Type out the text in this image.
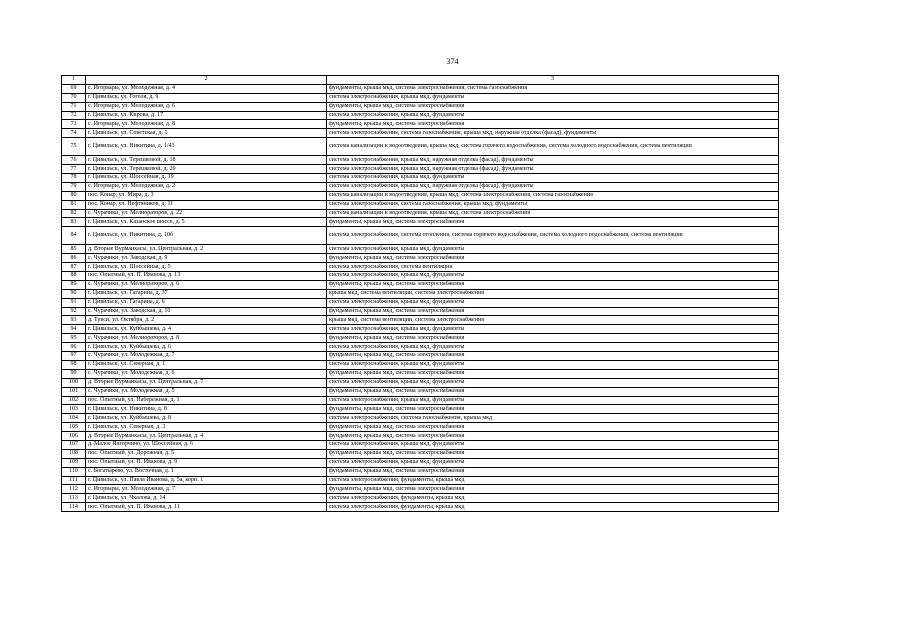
374
1	2	3
69	с. Игорвары, ул. Молодежная, д. 4	фундаменты, крыша мкд, система электроснабжения, система газоснабжения
70	г. Цивильск, ул. Гоголя, д. 9	система электроснабжения, крыша мкд, фундаменты
71	с. Игорвары, ул. Молодежная, д. 6	фундаменты, крыша мкд, система электроснабжения
72	г. Цивильск, ул. Кирова, д. 17	система электроснабжения, крыша мкд, фундаменты
73	с. Игорвары, ул. Молодежная, д. 8	фундаменты, крыша мкд, система электроснабжения
74	г. Цивильск, ул. Советская, д. 1	система электроснабжения, система газоснабжения, крыша мкд, наружная отделка (фасад), фундаменты
75	г. Цивильск, ул. Никитина, д. 1/43	система канализации и водоотведения, крыша мкд, система горячего водоснабжения, система холодного водоснабжения, система вентиляции
76	г. Цивильск, ул. Терешковой, д. 18	система электроснабжения, крыша мкд, наружная отделка (фасад), фундаменты
77	г. Цивильск, ул. Терешковой, д. 20	система электроснабжения, крыша мкд, наружная отделка (фасад), фундаменты
78	г. Цивильск, ул. Шоссейная, д. 19	система электроснабжения, крыша мкд, фундаменты
79	с. Игорвары, ул. Молодежная, д. 2	система электроснабжения, крыша мкд, наружная отделка (фасад), фундаменты
80	пос. Конар, ул. Мира, д. 3	система канализации и водоотведения, крыша мкд, система электроснабжения, система газоснабжения
81	пос. Конар, ул. Нефтяников, д. 11	система электроснабжения, система газоснабжения, крыша мкд, фундаменты
82	с. Чурачики, ул. Мелиораторов, д. 22	система канализации и водоотведения, крыша мкд, система электроснабжения
83	г. Цивильск, ул. Казанское шоссе, д. 5	фундаменты, крыша мкд, система электроснабжения
84	г. Цивильск, ул. Никитина, д. 10б	система электроснабжения, система отопления, система горячего водоснабжения, система холодного водоснабжения, система вентиляции
85	д. Вторые Вурманкасы, ул. Центральная, д. 2	система электроснабжения, крыша мкд, фундаменты
86	с. Чурачики, ул. Заводская, д. 9	фундаменты, крыша мкд, система электроснабжения
87	г. Цивильск, ул. Шоссейная, д. 5	система электроснабжения, система вентиляции
88	пос. Опытный, ул. П. Иванова, д. 13	система электроснабжения, крыша мкд, фундаменты
89	с. Чурачики, ул. Мелиораторов, д. 6	фундаменты, крыша мкд, система электроснабжения
90	г. Цивильск, ул. Гагарина, д. 37	крыша мкд, система вентиляции, система электроснабжения
91	г. Цивильск, ул. Гагарина, д. 6	система электроснабжения, крыша мкд, фундаменты
92	с. Чурачики, ул. Заводская, д. 10	фундаменты, крыша мкд, система электроснабжения
93	д. Тувси, ул. Октября, д. 2	крыша мкд, система вентиляции, система электроснабжения
94	г. Цивильск, ул. Куйбышева, д. 4	система электроснабжения, крыша мкд, фундаменты
95	с. Чурачики, ул. Мелиораторов, д. 8	фундаменты, крыша мкд, система электроснабжения
96	г. Цивильск, ул. Куйбышева, д. 6	система электроснабжения, крыша мкд, фундаменты
97	с. Чурачики, ул. Молодежная, д. 7	фундаменты, крыша мкд, система электроснабжения
98	г. Цивильск, ул. Северная, д. 1	система электроснабжения, крыша мкд, фундаменты
99	с. Чурачики, ул. Молодежная, д. 6	фундаменты, крыша мкд, система электроснабжения
100	д. Вторые Вурманкасы, ул. Центральная, д. 7	система электроснабжения, крыша мкд, фундаменты
101	с. Чурачики, ул. Молодежная, д. 5	фундаменты, крыша мкд, система электроснабжения
102	пос. Опытный, ул. Набережная, д. 1	система электроснабжения, крыша мкд, фундаменты
103	г. Цивильск, ул. Никитина, д. 8	фундаменты, крыша мкд, система электроснабжения
104	г. Цивильск, ул. Куйбышева, д. 8	система электроснабжения, система газоснабжения, крыша мкд
105	г. Цивильск, ул. Северная, д. 3	фундаменты, крыша мкд, система электроснабжения
106	д. Вторые Вурманкасы, ул. Центральная, д. 4	фундаменты, крыша мкд, система электроснабжения
107	д. Малое Янгорчино, ул. Шоссейная, д. 6	система электроснабжения, крыша мкд, фундаменты
108	пос. Опытный, ул. Дорожная, д. 5	фундаменты, крыша мкд, система электроснабжения
109	пос. Опытный, ул. П. Иванова, д. 9	система электроснабжения, крыша мкд, фундаменты
110	с. Богатырево, ул. Восточная, д. 1	фундаменты, крыша мкд, система электроснабжения
111	г. Цивильск, ул. Павла Иванова, д. 5а, корп. 1	система электроснабжения, фундаменты, крыша мкд
112	с. Игорвары, ул. Молодежная, д. 7	фундаменты, крыша мкд, система электроснабжения
113	г. Цивильск, ул. Чкалова, д. 14	система электроснабжения, фундаменты, крыша мкд
114	пос. Опытный, ул. П. Иванова, д. 11	система электроснабжения, фундаменты, крыша мкд
